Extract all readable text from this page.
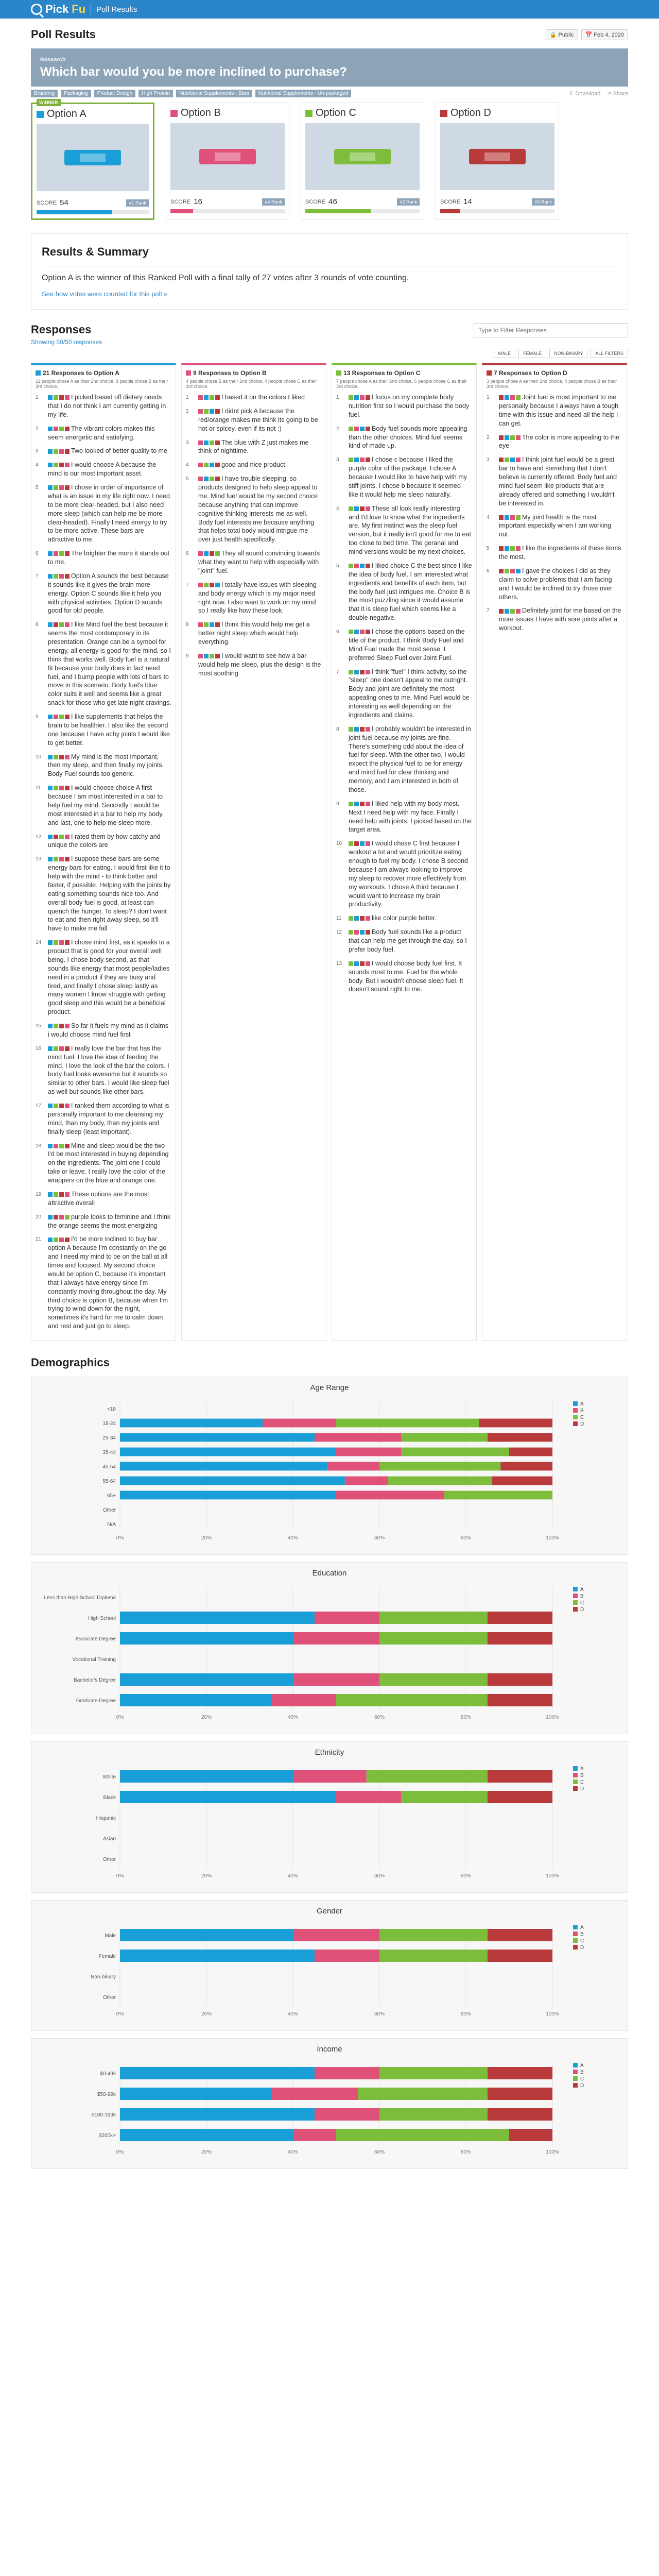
Pick Fu Poll Results
Poll Results	🔒 Public	📅 Feb 4, 2020
Research
Which bar would you be more inclined to purchase?
Branding	Packaging	Product Design	High Protein	Nutritional Supplements - Bars	Nutritional Supplements - Un-packaged	⇩ Download ↗ Share
WINNER
Option A
SCORE 54	#1 Rank
Option B
SCORE 16	#4 Rank
Option C
SCORE 46	#2 Rank
Option D
SCORE 14	#3 Rank
Results & Summary

Option A is the winner of this Ranked Poll with a final tally of 27 votes after 3 rounds of vote counting.

See how votes were counted for this poll »
Responses
Showing 50/50 responses
Type to Filter Responses
MALE	FEMALE	NON-BINARY	ALL FILTERS
21 Responses to Option A
11 people chose A as their 2nd choice, 9 people chose B as their 3rd choice.
1	I picked based off dietary needs that I do not think I am currently getting in my life.
2	The vibrant colors makes this seem energetic and satisfying.
3	Two looked of better quality to me
4	I would choose A because the mind is our most important asset.
5	I chose in order of importance of what is an issue in my life right now. I need to be more clear-headed, but I also need more sleep (which can help me be more clear-headed). Finally I need energy to try to be more active. These bars are attractive to me.
6	The brighter the more it stands out to me.
7	Option A sounds the best because it sounds like it gives the brain more energy. Option C sounds like it help you with physical activities. Option D sounds good for old people.
8	I like Mind fuel the best because it seems the most contemporary in its presentation. Orange can be a symbol for energy, all energy is good for the mind, so I think that works well. Body fuel is a natural fit because your body does in fact need fuel, and I bump people with lots of bars to move in this scenario. Body fuel's blue color suits it well and seems like a great snack for those who get late night cravings.
9	I like supplements that helps the brain to be healthier. I also like the second one because I have achy joints I would like to get better.
10	My mind is the most important, then my sleep, and then finally my joints. Body Fuel sounds too generic.
11	I would choose choice A first because I am most interested in a bar to help fuel my mind. Secondly I would be most interested in a bar to help my body, and last, one to help me sleep more.
12	I rated them by how catchy and unique the colors are
13	I suppose these bars are some energy bars for eating. I would first like it to help with the mind - to think better and faster, if possible. Helping with the joints by eating something sounds nice too. And overall body fuel is good, at least can quench the hunger. To sleep? I don't want to eat and then right away sleep, so it'll have to make me fall
14	I chose mind first, as it speaks to a product that is good for your overall well being. I chose body second, as that sounds like energy that most people/ladies need in a product if they are busy and tired, and finally I chose sleep lastly as many women I know struggle with getting good sleep and this would be a beneficial product.
15	So far it fuels my mind as it claims i would choose mind fuel first
16	I really love the bar that has the mind fuel. I love the idea of feeding the mind. I love the look of the bar the colors. I body fuel looks awesome but it sounds so similar to other bars. I would like sleep fuel as well but sounds like other bars.
17	I ranked them according to what is personally important to me cleansing my mind, than my body, than my joints and finally sleep (least important).
18	Mine and sleep would be the two I'd be most interested in buying depending on the ingredients. The joint one I could take or leave. I really love the color of the wrappers on the blue and orange one.
19	These options are the most attractive overall
20	purple looks to feminine and I think the orange seems the most energizing
21	I'd be more inclined to buy bar option A because I'm constantly on the go and I need my mind to be on the ball at all times and focused. My second choice would be option C, because it's important that I always have energy since I'm constantly moving throughout the day. My third choice is option B, because when I'm trying to wind down for the night, sometimes it's hard for me to calm down and rest and just go to sleep.
9 Responses to Option B
4 people chose B as their 2nd choice, 4 people chose C as their 3rd choice.
1	I based it on the colors I liked
2	I didnt pick A because the red/orange makes me think its going to be hot or spicey, even if its not :)
3	The blue with Z just makes me think of nighttime.
4	good and nice product
5	I have trouble sleeping, so products designed to help sleep appeal to me. Mind fuel would be my second choice because anything that can improve cognitive thinking interests me as well. Body fuel interests me because anything that helps total body would intrigue me over just health specifically.
6	They all sound convincing towards what they want to help with especially with "joint" fuel.
7	I totally have issues with sleeping and body energy which is my major need right now. I also want to work on my mind so I really like how these look.
8	I think this would help me get a better night sleep which would help everything.
9	I would want to see how a bar would help me sleep, plus the design is the most soothing
13 Responses to Option C
7 people chose A as their 2nd choice, 6 people chose C as their 3rd choice.
1	I focus on my complete body nutrition first so I would purchase the body fuel.
2	Body fuel sounds more appealing than the other choices. Mind fuel seems kind of made up.
3	I chose c because I liked the purple color of the package. I chose A because I would like to have help with my stiff joints. I chose b because it seemed like it would help me sleep naturally.
4	These all look really interesting and I'd love to know what the ingredients are. My first instinct was the sleep fuel version, but it really isn't good for me to eat too close to bed time. The geranal and mind versions would be my next choices.
5	I liked choice C the best since I like the idea of body fuel. I am interested what ingredients and benefits of each item, but the body fuel just intrigues me. Choice B is the most puzzling since it would assume that it is sleep fuel which seems like a double negative.
6	I chose the options based on the title of the product. I think Body Fuel and Mind Fuel made the most sense. I preferred Sleep Fuel over Joint Fuel.
7	I think "fuel" I think activity, so the "sleep" one doesn't appeal to me outright. Body and joint are definitely the most appealing ones to me. Mind Fuel would be interesting as well depending on the ingredients and claims.
8	I probably wouldn't be interested in joint fuel because my joints are fine. There's something odd about the idea of fuel for sleep. With the other two, I would expect the physical fuel to be for energy and mind fuel for clear thinking and memory, and I am interested in both of those.
9	I liked help with my body most. Next I need help with my face. Finally I need help with joints. I picked based on the target area.
10	I would chose C first because I workout a lot and would prioritize eating enough to fuel my body. I chose B second because I am always looking to improve my sleep to recover more effectively from my workouts. I chose A third because I would want to increase my brain productivity.
11	like color purple better.
12	Body fuel sounds like a product that can help me get through the day, so I prefer body fuel.
13	I would choose body fuel first. It sounds most to me. Fuel for the whole body. But I wouldn't choose sleep fuel. It doesn't sound right to me.
7 Responses to Option D
3 people chose A as their 2nd choice, 4 people chose B as their 3rd choice.
1	Joint fuel is most important to me personally because I always have a tough time with this issue and need all the help I can get.
2	The color is more appealing to the eye
3	I think joint fuel would be a great bar to have and something that I don't believe is currently offered. Body fuel and mind fuel seem like products that are already offered and something I wouldn't be interested in.
4	My joint health is the most important especially when I am working out.
5	I like the ingredients of these items the most.
6	I gave the choices I did as they claim to solve problems that I am facing and I would be inclined to try those over others.
7	Definitely joint for me based on the more issues I have with sore joints after a workout.
Demographics
Age Range
0%	20%	40%	60%	80%	100%
<18
18-24
25-34
35-44
45-54
55-64
65+
Other
N/A
A
B
C
D
Education
0%	20%	40%	60%	80%	100%
Less than High School Diploma
High School
Associate Degree
Vocational Training
Bachelor's Degree
Graduate Degree
A
B
C
D
Ethnicity
0%	20%	40%	60%	80%	100%
White
Black
Hispanic
Asian
Other
A
B
C
D
Gender
0%	20%	40%	60%	80%	100%
Male
Female
Non-binary
Other
A
B
C
D
Income
0%	20%	40%	60%	80%	100%
$0-49k
$50-99k
$100-199k
$200k+
A
B
C
D
